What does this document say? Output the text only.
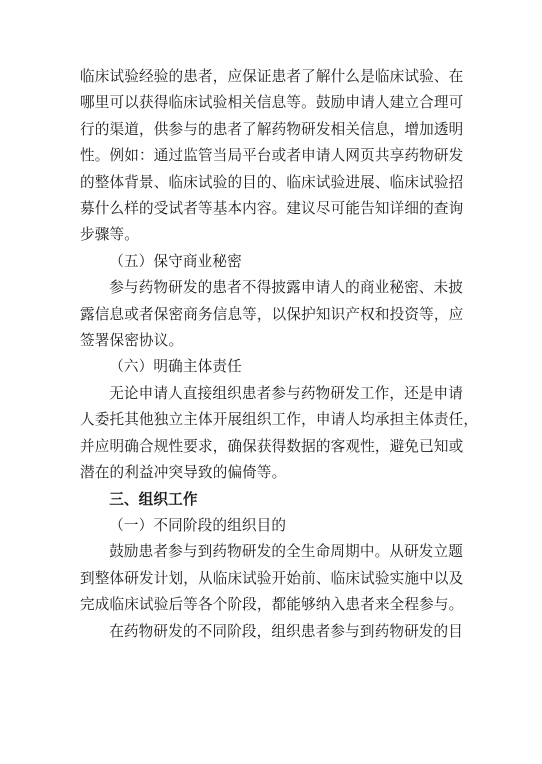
临床试验经验的患者，应保证患者了解什么是临床试验、在
哪里可以获得临床试验相关信息等。鼓励申请人建立合理可
行的渠道，供参与的患者了解药物研发相关信息，增加透明
性。例如：通过监管当局平台或者申请人网页共享药物研发
的整体背景、临床试验的目的、临床试验进展、临床试验招
募什么样的受试者等基本内容。建议尽可能告知详细的查询
步骤等。
（五）保守商业秘密
参与药物研发的患者不得披露申请人的商业秘密、未披
露信息或者保密商务信息等，以保护知识产权和投资等，应
签署保密协议。
（六）明确主体责任
无论申请人直接组织患者参与药物研发工作，还是申请
人委托其他独立主体开展组织工作，申请人均承担主体责任，
并应明确合规性要求，确保获得数据的客观性，避免已知或
潜在的利益冲突导致的偏倚等。
三、组织工作
（一）不同阶段的组织目的
鼓励患者参与到药物研发的全生命周期中。从研发立题
到整体研发计划，从临床试验开始前、临床试验实施中以及
完成临床试验后等各个阶段，都能够纳入患者来全程参与。
在药物研发的不同阶段，组织患者参与到药物研发的目
